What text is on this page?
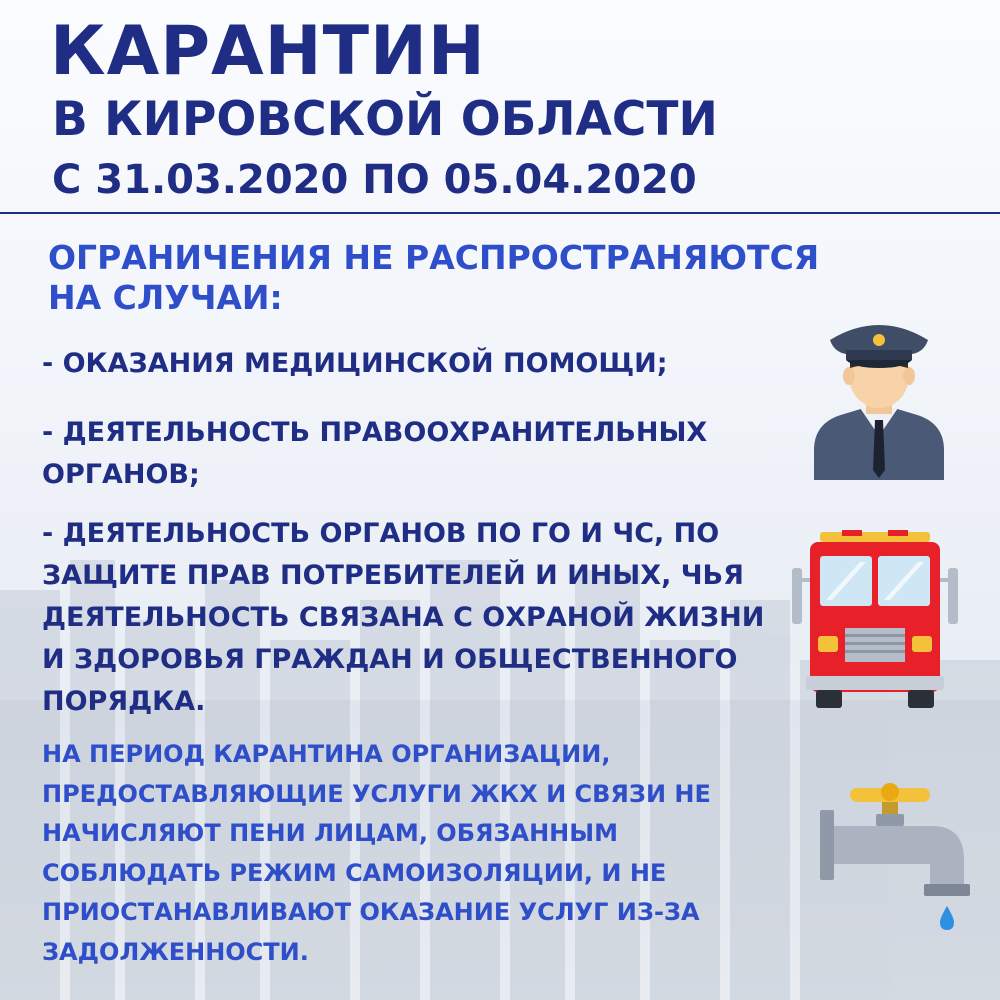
КАРАНТИН
В КИРОВСКОЙ ОБЛАСТИ
С 31.03.2020 ПО 05.04.2020
ОГРАНИЧЕНИЯ НЕ РАСПРОСТРАНЯЮТСЯ НА СЛУЧАИ:
- ОКАЗАНИЯ МЕДИЦИНСКОЙ ПОМОЩИ;
- ДЕЯТЕЛЬНОСТЬ ПРАВООХРАНИТЕЛЬНЫХ ОРГАНОВ;
- ДЕЯТЕЛЬНОСТЬ ОРГАНОВ ПО ГО И ЧС, ПО ЗАЩИТЕ ПРАВ ПОТРЕБИТЕЛЕЙ И ИНЫХ, ЧЬЯ ДЕЯТЕЛЬНОСТЬ СВЯЗАНА С ОХРАНОЙ ЖИЗНИ И ЗДОРОВЬЯ ГРАЖДАН И ОБЩЕСТВЕННОГО ПОРЯДКА.
НА ПЕРИОД КАРАНТИНА ОРГАНИЗАЦИИ, ПРЕДОСТАВЛЯЮЩИЕ УСЛУГИ ЖКХ И СВЯЗИ НЕ НАЧИСЛЯЮТ ПЕНИ ЛИЦАМ, ОБЯЗАННЫМ СОБЛЮДАТЬ РЕЖИМ САМОИЗОЛЯЦИИ, И НЕ ПРИОСТАНАВЛИВАЮТ ОКАЗАНИЕ УСЛУГ ИЗ-ЗА ЗАДОЛЖЕННОСТИ.
